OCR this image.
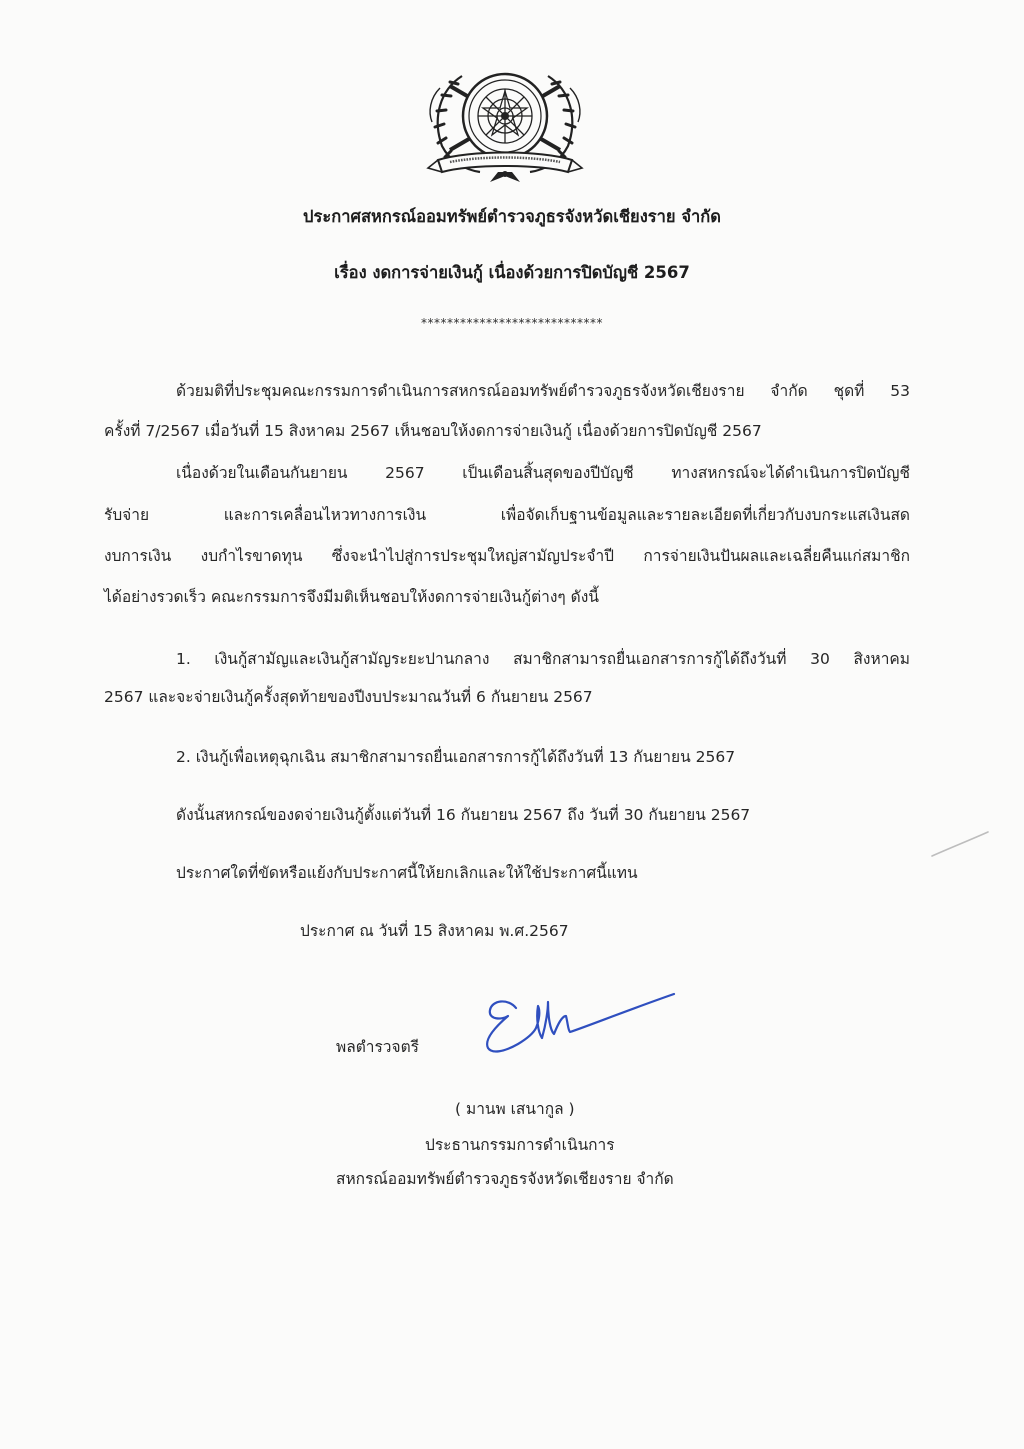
ประกาศสหกรณ์ออมทรัพย์ตำรวจภูธรจังหวัดเชียงราย จำกัด
เรื่อง งดการจ่ายเงินกู้ เนื่องด้วยการปิดบัญชี 2567
****************************
ด้วยมติที่ประชุมคณะกรรมการดำเนินการสหกรณ์ออมทรัพย์ตำรวจภูธรจังหวัดเชียงราย จำกัด ชุดที่ 53
ครั้งที่ 7/2567 เมื่อวันที่ 15 สิงหาคม 2567 เห็นชอบให้งดการจ่ายเงินกู้ เนื่องด้วยการปิดบัญชี 2567
เนื่องด้วยในเดือนกันยายน 2567 เป็นเดือนสิ้นสุดของปีบัญชี ทางสหกรณ์จะได้ดำเนินการปิดบัญชี
รับจ่าย และการเคลื่อนไหวทางการเงิน เพื่อจัดเก็บฐานข้อมูลและรายละเอียดที่เกี่ยวกับงบกระแสเงินสด
งบการเงิน งบกำไรขาดทุน ซึ่งจะนำไปสู่การประชุมใหญ่สามัญประจำปี การจ่ายเงินปันผลและเฉลี่ยคืนแก่สมาชิก
ได้อย่างรวดเร็ว คณะกรรมการจึงมีมติเห็นชอบให้งดการจ่ายเงินกู้ต่างๆ ดังนี้
1. เงินกู้สามัญและเงินกู้สามัญระยะปานกลาง สมาชิกสามารถยื่นเอกสารการกู้ได้ถึงวันที่ 30 สิงหาคม
2567 และจะจ่ายเงินกู้ครั้งสุดท้ายของปีงบประมาณวันที่ 6 กันยายน 2567
2. เงินกู้เพื่อเหตุฉุกเฉิน สมาชิกสามารถยื่นเอกสารการกู้ได้ถึงวันที่ 13 กันยายน 2567
ดังนั้นสหกรณ์ของดจ่ายเงินกู้ตั้งแต่วันที่ 16 กันยายน 2567 ถึง วันที่ 30 กันยายน 2567
ประกาศใดที่ขัดหรือแย้งกับประกาศนี้ให้ยกเลิกและให้ใช้ประกาศนี้แทน
ประกาศ ณ วันที่ 15 สิงหาคม พ.ศ.2567
พลตำรวจตรี
( มานพ เสนากูล )
ประธานกรรมการดำเนินการ
สหกรณ์ออมทรัพย์ตำรวจภูธรจังหวัดเชียงราย จำกัด
